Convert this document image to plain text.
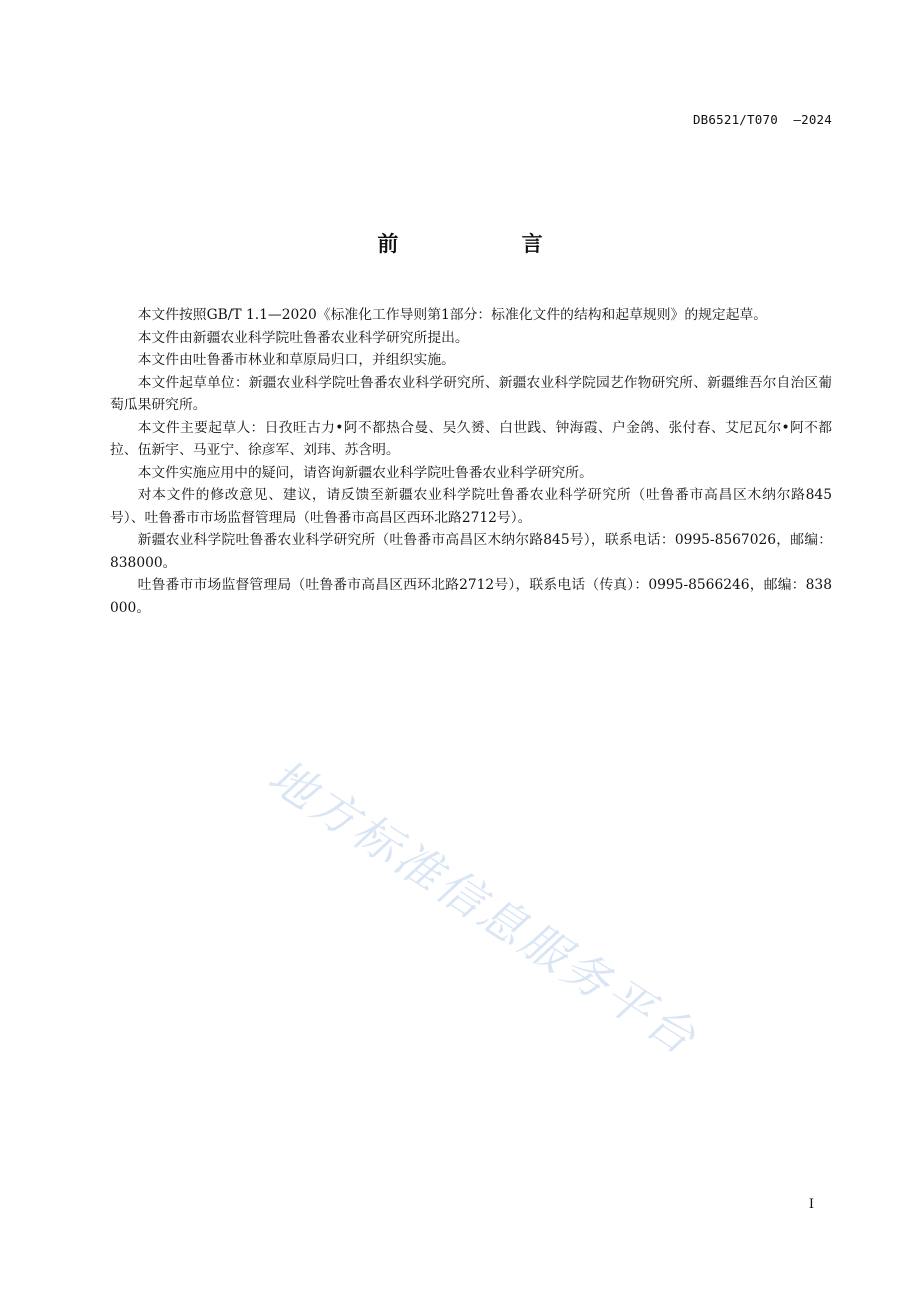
DB6521/T070  —2024
前 言

本文件按照GB/T 1.1—2020《标准化工作导则第1部分：标准化文件的结构和起草规则》的规定起草。

本文件由新疆农业科学院吐鲁番农业科学研究所提出。

本文件由吐鲁番市林业和草原局归口，并组织实施。

本文件起草单位：新疆农业科学院吐鲁番农业科学研究所、新疆农业科学院园艺作物研究所、新疆维吾尔自治区葡萄瓜果研究所。

本文件主要起草人：日孜旺古力•阿不都热合曼、吴久赟、白世践、钟海霞、户金鸽、张付春、艾尼瓦尔•阿不都拉、伍新宇、马亚宁、徐彦军、刘玮、苏含明。

本文件实施应用中的疑问，请咨询新疆农业科学院吐鲁番农业科学研究所。

对本文件的修改意见、建议，请反馈至新疆农业科学院吐鲁番农业科学研究所（吐鲁番市高昌区木纳尔路845号）、吐鲁番市市场监督管理局（吐鲁番市高昌区西环北路2712号）。

新疆农业科学院吐鲁番农业科学研究所（吐鲁番市高昌区木纳尔路845号），联系电话：0995-8567026，邮编：838000。

吐鲁番市市场监督管理局（吐鲁番市高昌区西环北路2712号），联系电话（传真）：0995-8566246，邮编：838000。

地方标准信息服务平台
I
